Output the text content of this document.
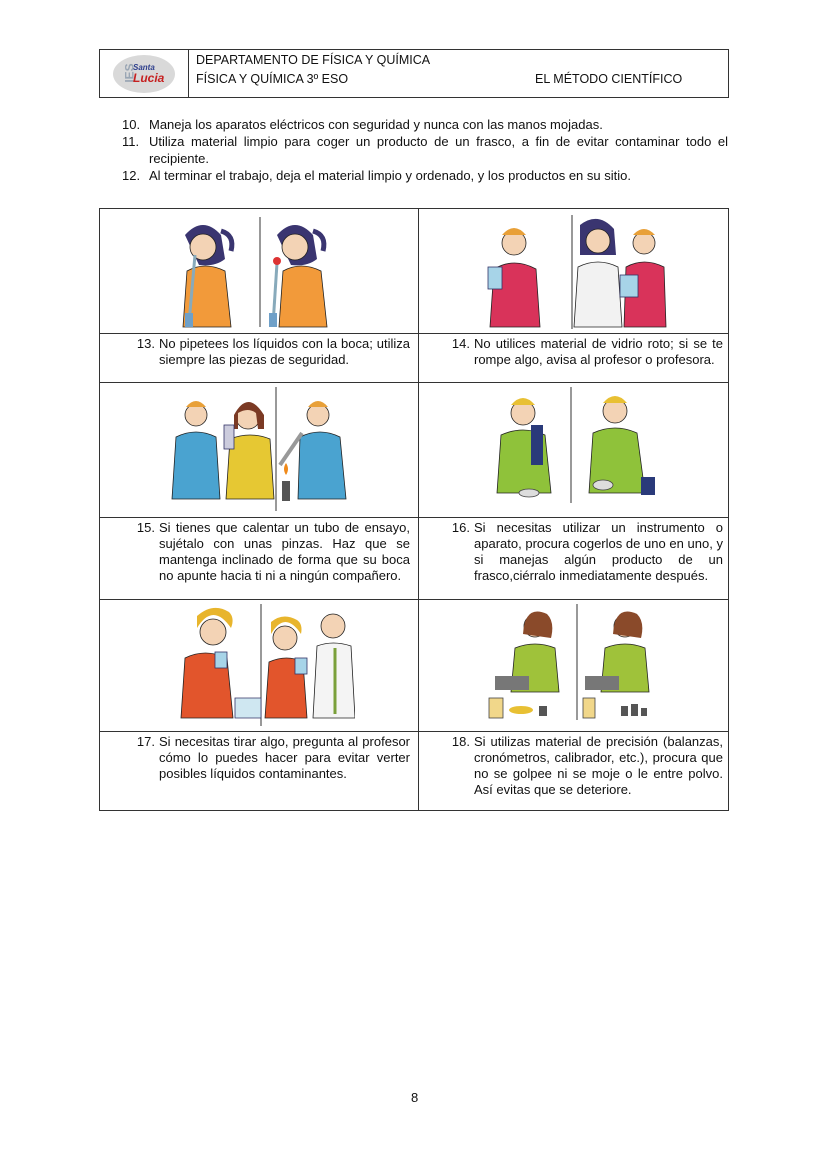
IES
Santa
Lucia
DEPARTAMENTO DE FÍSICA Y QUÍMICA
FÍSICA Y QUÍMICA 3º ESO	EL MÉTODO CIENTÍFICO
10. Maneja los aparatos eléctricos con seguridad y nunca con las manos mojadas.
11. Utiliza material limpio para coger un producto de un frasco, a fin de evitar contaminar todo el recipiente.
12. Al terminar el trabajo, deja el material limpio y ordenado, y los productos en su sitio.
13. No pipetees los líquidos con la boca; utiliza siempre las piezas de seguridad.
14. No utilices material de vidrio roto; si se te rompe algo, avisa al profesor o profesora.
15. Si tienes que calentar un tubo de ensayo, sujétalo con unas pinzas. Haz que se mantenga inclinado de forma que su boca no apunte hacia ti ni a ningún compañero.
16. Si necesitas utilizar un instrumento o aparato, procura cogerlos de uno en uno, y si manejas algún producto de un frasco,ciérralo inmediatamente después.
17. Si necesitas tirar algo, pregunta al profesor cómo lo puedes hacer para evitar verter posibles líquidos contaminantes.
18. Si utilizas material de precisión (balanzas, cronómetros, calibrador, etc.), procura que no se golpee ni se moje o le entre polvo. Así evitas que se deteriore.
8
